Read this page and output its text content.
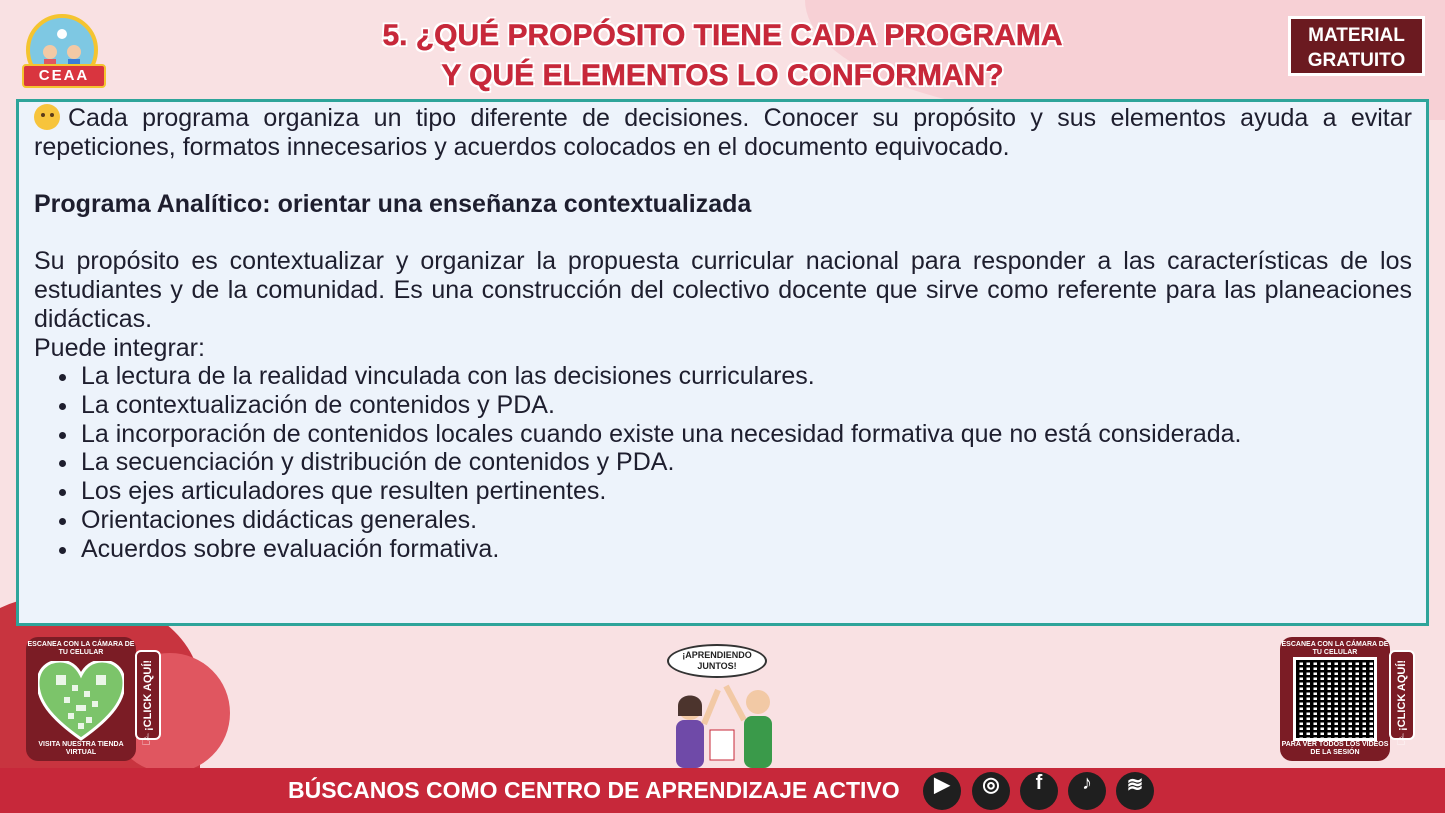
CEAA
5. ¿QUÉ PROPÓSITO TIENE CADA PROGRAMA
Y QUÉ ELEMENTOS LO CONFORMAN?
MATERIAL
GRATUITO

Cada programa organiza un tipo diferente de decisiones. Conocer su propósito y sus elementos ayuda a evitar repeticiones, formatos innecesarios y acuerdos colocados en el documento equivocado.

Programa Analítico: orientar una enseñanza contextualizada

Su propósito es contextualizar y organizar la propuesta curricular nacional para responder a las características de los estudiantes y de la comunidad. Es una construcción del colectivo docente que sirve como referente para las planeaciones didácticas.

Puede integrar:

• La lectura de la realidad vinculada con las decisiones curriculares.
• La contextualización de contenidos y PDA.
• La incorporación de contenidos locales cuando existe una necesidad formativa que no está considerada.
• La secuenciación y distribución de contenidos y PDA.
• Los ejes articuladores que resulten pertinentes.
• Orientaciones didácticas generales.
• Acuerdos sobre evaluación formativa.
ESCANEA CON LA CÁMARA DE TU CELULAR
VISITA NUESTRA TIENDA VIRTUAL
¡CLICK AQUÍ!
☝
¡APRENDIENDO JUNTOS!
ESCANEA CON LA CÁMARA DE TU CELULAR
PARA VER TODOS LOS VIDEOS DE LA SESIÓN
¡CLICK AQUÍ!
☝
BÚSCANOS COMO CENTRO DE APRENDIZAJE ACTIVO	▶	◎	f	♪	≋
